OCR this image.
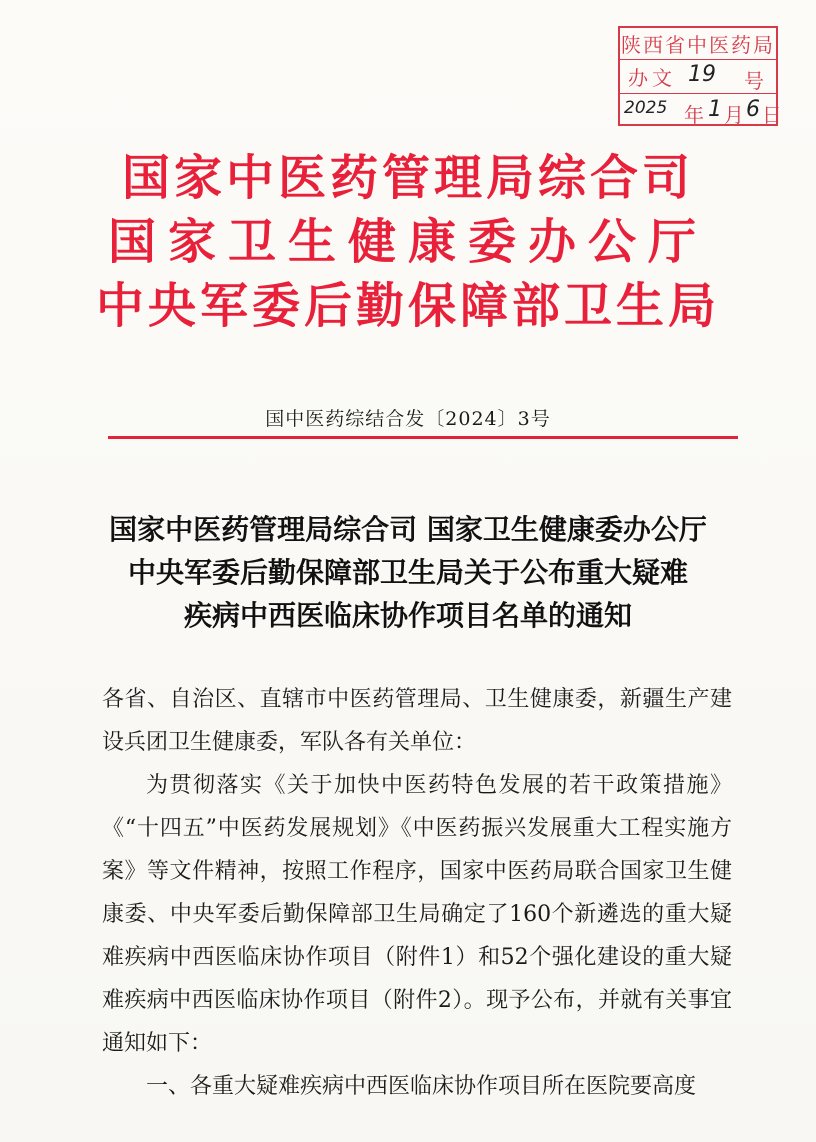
陕西省中医药局
办文 19 号
2025 年 1 月 6 日
国家中医药管理局综合司
国家卫生健康委办公厅
中央军委后勤保障部卫生局
国中医药综结合发〔2024〕3号
国家中医药管理局综合司 国家卫生健康委办公厅
中央军委后勤保障部卫生局关于公布重大疑难
疾病中西医临床协作项目名单的通知

各省、自治区、直辖市中医药管理局、卫生健康委，新疆生产建设兵团卫生健康委，军队各有关单位：

为贯彻落实《关于加快中医药特色发展的若干政策措施》《“十四五”中医药发展规划》《中医药振兴发展重大工程实施方案》等文件精神，按照工作程序，国家中医药局联合国家卫生健康委、中央军委后勤保障部卫生局确定了160个新遴选的重大疑难疾病中西医临床协作项目（附件1）和52个强化建设的重大疑难疾病中西医临床协作项目（附件2）。现予公布，并就有关事宜通知如下：

一、各重大疑难疾病中西医临床协作项目所在医院要高度
